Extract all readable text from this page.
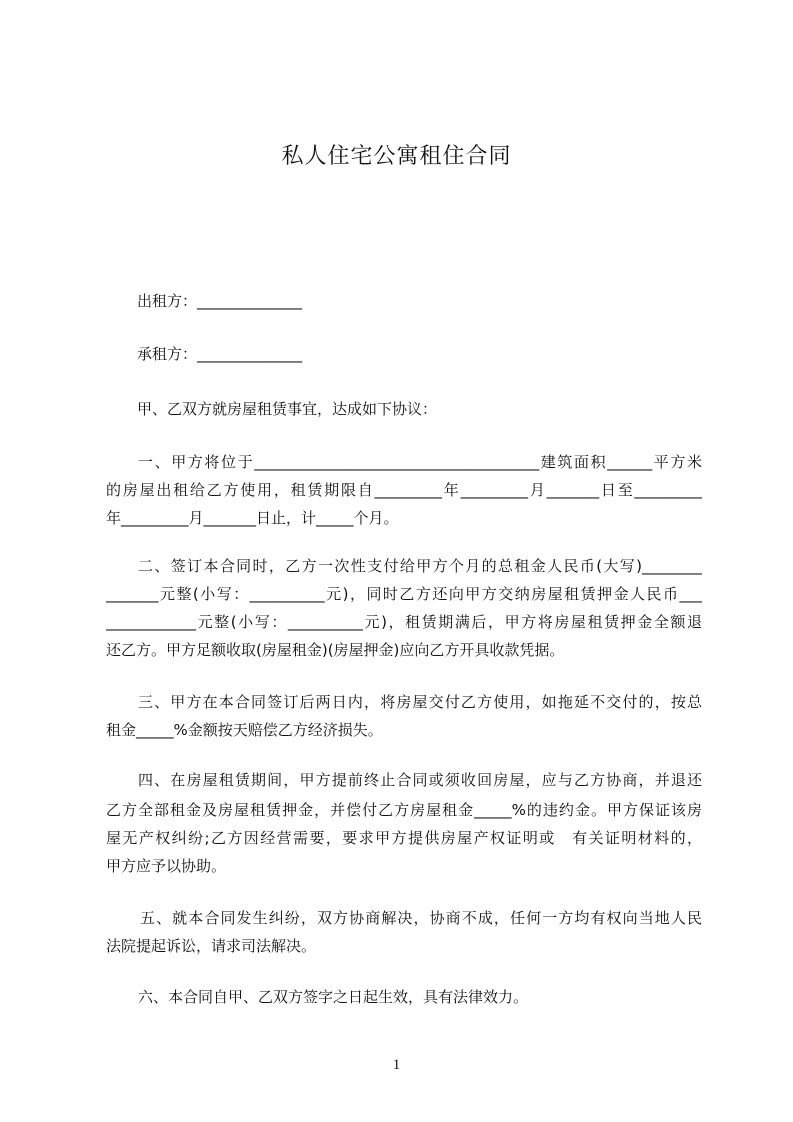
私人住宅公寓租住合同
出租方：______________
承租方：______________
甲、乙双方就房屋租赁事宜，达成如下协议：
一、甲方将位于______________________________________建筑面积______平方米
的房屋出租给乙方使用，租赁期限自_________年_________月_______日至_________
年_________月_______日止，计_____个月。
二、签订本合同时，乙方一次性支付给甲方个月的总租金人民币(大写)________
_______元整(小写：__________元)，同时乙方还向甲方交纳房屋租赁押金人民币___
____________元整(小写：__________元)，租赁期满后，甲方将房屋租赁押金全额退
还乙方。甲方足额收取(房屋租金)(房屋押金)应向乙方开具收款凭据。
三、甲方在本合同签订后两日内，将房屋交付乙方使用，如拖延不交付的，按总
租金_____%金额按天赔偿乙方经济损失。
四、在房屋租赁期间，甲方提前终止合同或须收回房屋，应与乙方协商，并退还
乙方全部租金及房屋租赁押金，并偿付乙方房屋租金_____%的违约金。甲方保证该房
屋无产权纠纷;乙方因经营需要，要求甲方提供房屋产权证明或　有关证明材料的，
甲方应予以协助。
五、就本合同发生纠纷，双方协商解决，协商不成，任何一方均有权向当地人民
法院提起诉讼，请求司法解决。
六、本合同自甲、乙双方签字之日起生效，具有法律效力。
1
